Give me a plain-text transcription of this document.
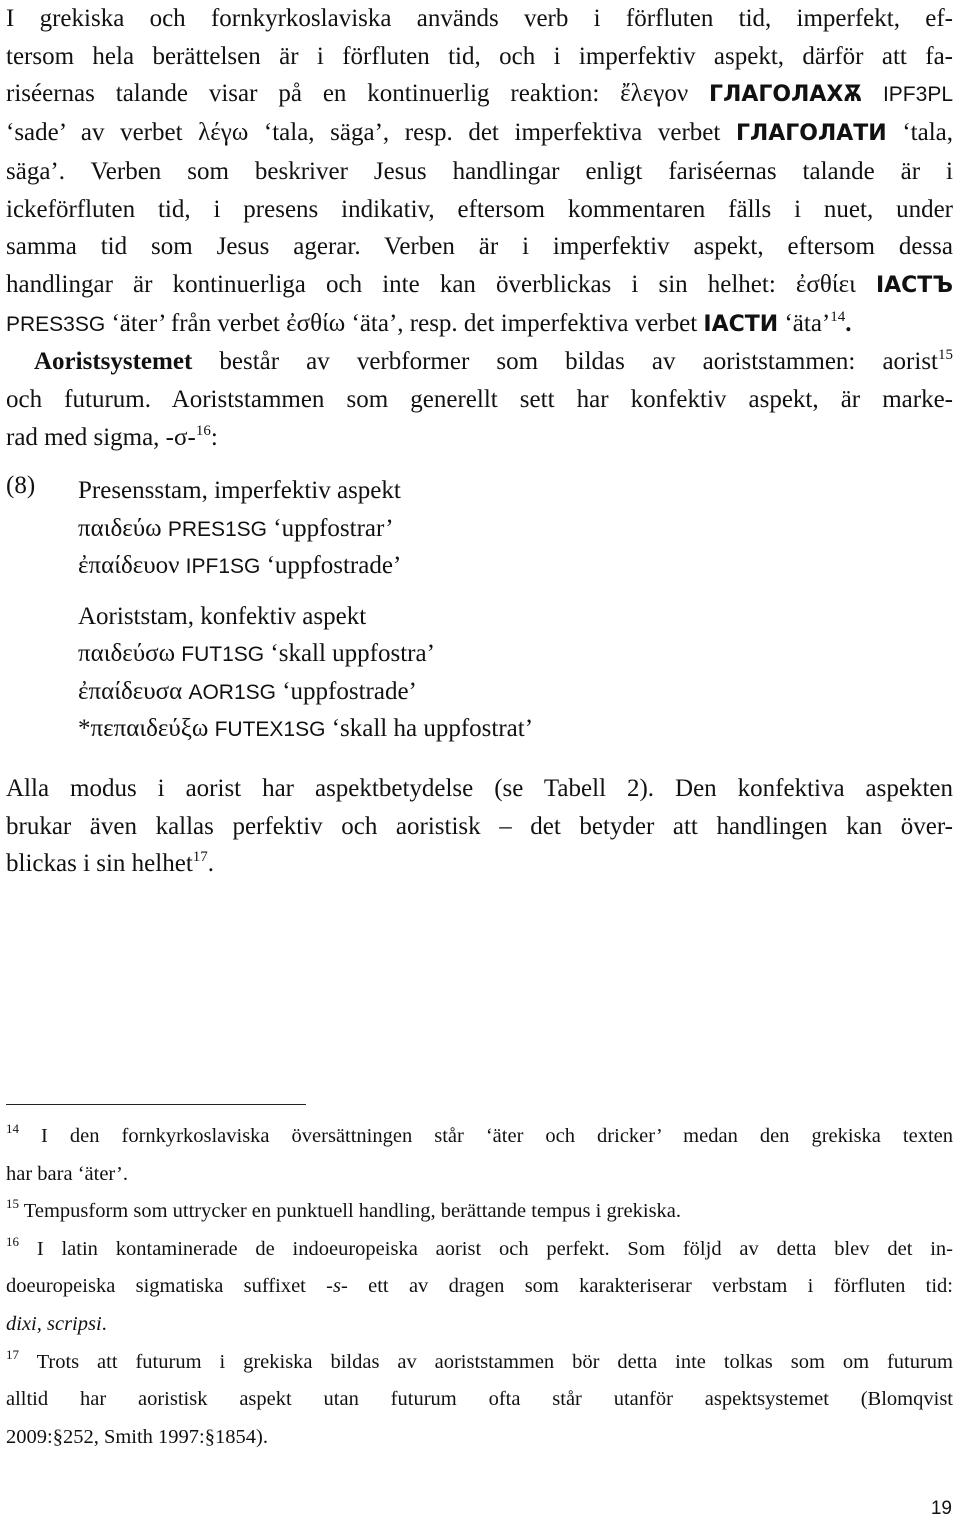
I grekiska och fornkyrkoslaviska används verb i förfluten tid, imperfekt, ef-
tersom hela berättelsen är i förfluten tid, och i imperfektiv aspekt, därför att fa-
riséernas talande visar på en kontinuerlig reaktion: ἔλεγον ГЛАГОЛАХѪ IPF3PL
‘sade’ av verbet λέγω ‘tala, säga’, resp. det imperfektiva verbet ГЛАГОЛАТИ ‘tala,
säga’. Verben som beskriver Jesus handlingar enligt fariséernas talande är i
ickeförfluten tid, i presens indikativ, eftersom kommentaren fälls i nuet, under
samma tid som Jesus agerar. Verben är i imperfektiv aspekt, eftersom dessa
handlingar är kontinuerliga och inte kan överblickas i sin helhet: ἐσθίει ІАСТЪ
PRES3SG ‘äter’ från verbet ἐσθίω ‘äta’, resp. det imperfektiva verbet ІАСТИ ‘äta’$^{14}$.
Aoristsystemet består av verbformer som bildas av aoriststammen: aorist$^{15}$
och futurum. Aoriststammen som generellt sett har konfektiv aspekt, är marke-
rad med sigma, -σ-$^{16}$:

(8) Presensstam, imperfektiv aspekt
παιδεύω PRES1SG ‘uppfostrar’
ἐπαίδευον IPF1SG ‘uppfostrade’
Aoriststam, konfektiv aspekt
παιδεύσω FUT1SG ‘skall uppfostra’
ἐπαίδευσα AOR1SG ‘uppfostrade’
*πεπαιδεύξω FUTEX1SG ‘skall ha uppfostrat’

Alla modus i aorist har aspektbetydelse (se Tabell 2). Den konfektiva aspekten
brukar även kallas perfektiv och aoristisk – det betyder att handlingen kan över-
blickas i sin helhet$^{17}$.

$^{14}$ I den fornkyrkoslaviska översättningen står ‘äter och dricker’ medan den grekiska texten
har bara ‘äter’.
$^{15}$ Tempusform som uttrycker en punktuell handling, berättande tempus i grekiska.
$^{16}$ I latin kontaminerade de indoeuropeiska aorist och perfekt. Som följd av detta blev det in-
doeuropeiska sigmatiska suffixet -s- ett av dragen som karakteriserar verbstam i förfluten tid:
dixi, scripsi.
$^{17}$ Trots att futurum i grekiska bildas av aoriststammen bör detta inte tolkas som om futurum
alltid har aoristisk aspekt utan futurum ofta står utanför aspektsystemet (Blomqvist
2009:§252, Smith 1997:§1854).
19
